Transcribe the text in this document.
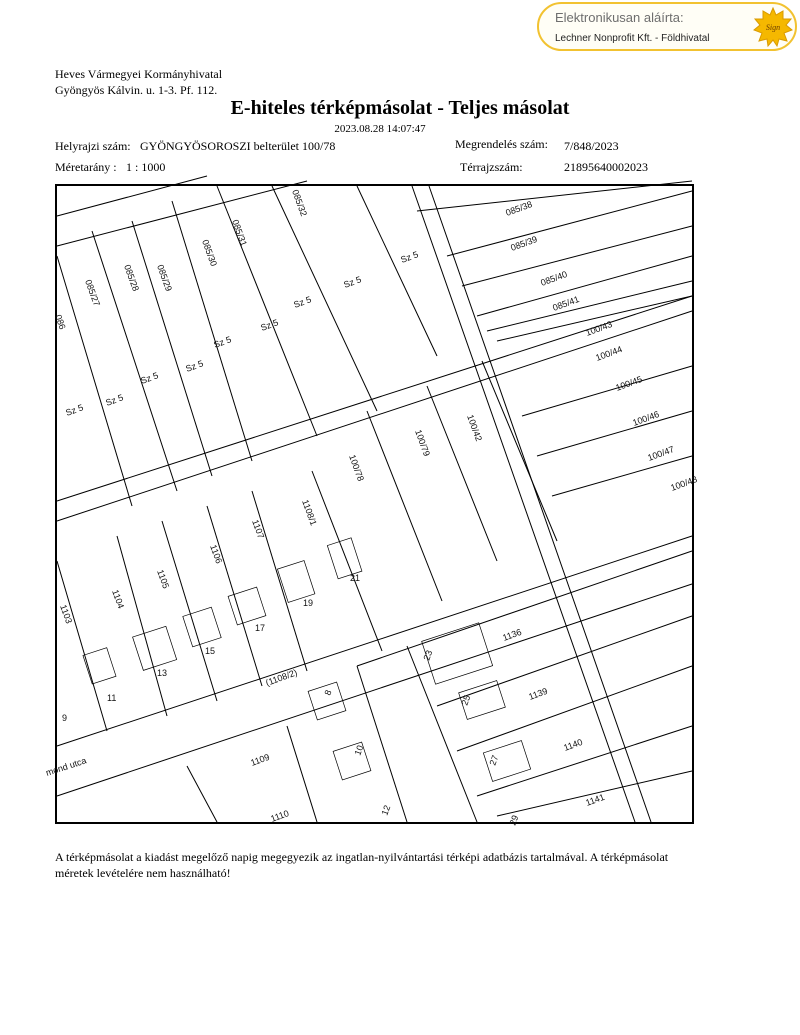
Elektronikusan aláírta:
Lechner Nonprofit Kft. - Földhivatal
Sign
Heves Vármegyei Kormányhivatal
Gyöngyös Kálvin. u. 1-3. Pf. 112.
E-hiteles térképmásolat - Teljes másolat
2023.08.28 14:07:47
Helyrajzi szám: GYÖNGYÖSOROSZI belterület 100/78	Megrendelés szám: 7/848/2023
Méretarány : 1 : 1000	Térrajzszám:	21895640002023
mond utca
085/32
085/31
085/30
085/29
085/28
085/27
086
085/38
085/39
085/40
085/41
100/43
100/44
100/45
100/46
100/47
100/48
100/78
100/79
100/42
1103
1104
1105
1106
1107
1108/1
(1108/2)
1109
1110
1136
1139
1140
1141
Sz 5
Sz 5
Sz 5
Sz 5
Sz 5
Sz 5
Sz 5
Sz 5
Sz 5
9
11
13
15
17
19
21
23
25
27
29
8
10
12
A térképmásolat a kiadást megelőző napig megegyezik az ingatlan-nyilvántartási térképi adatbázis tartalmával. A térképmásolat méretek levételére nem használható!
